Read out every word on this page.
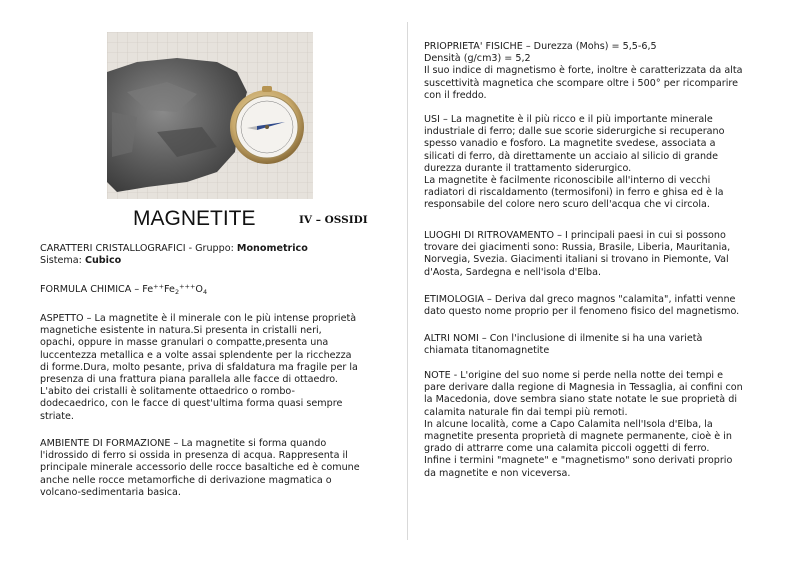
MAGNETITE	IV – OSSIDI

CARATTERI CRISTALLOGRAFICI - Gruppo: Monometrico

Sistema: Cubico

FORMULA CHIMICA – $Fe^{++}Fe_2^{+++}O_4$

ASPETTO – La magnetite è il minerale con le più intense proprietà

magnetiche esistente in natura.Si presenta in cristalli neri,

opachi, oppure in masse granulari o compatte,presenta una

luccentezza metallica e a volte assai splendente per la ricchezza

di forme.Dura, molto pesante, priva di sfaldatura ma fragile per la

presenza di una frattura piana parallela alle facce di ottaedro.

L'abito dei cristalli è solitamente ottaedrico o rombo-

dodecaedrico, con le facce di quest'ultima forma quasi sempre

striate.

AMBIENTE DI FORMAZIONE – La magnetite si forma quando

l'idrossido di ferro si ossida in presenza di acqua. Rappresenta il

principale minerale accessorio delle rocce basaltiche ed è comune

anche nelle rocce metamorfiche di derivazione magmatica o

volcano-sedimentaria basica.

PRIOPRIETA' FISICHE – Durezza (Mohs) = 5,5-6,5

Densità (g/cm3) = 5,2

Il suo indice di magnetismo è forte, inoltre è caratterizzata da alta

suscettività magnetica che scompare oltre i 500° per ricomparire

con il freddo.

USI – La magnetite è il più ricco e il più importante minerale

industriale di ferro; dalle sue scorie siderurgiche si recuperano

spesso vanadio e fosforo. La magnetite svedese, associata a

silicati di ferro, dà direttamente un acciaio al silicio di grande

durezza durante il trattamento siderurgico.

La magnetite è facilmente riconoscibile all'interno di vecchi

radiatori di riscaldamento (termosifoni) in ferro e ghisa ed è la

responsabile del colore nero scuro dell'acqua che vi circola.

LUOGHI DI RITROVAMENTO – I principali paesi in cui si possono

trovare dei giacimenti sono: Russia, Brasile, Liberia, Mauritania,

Norvegia, Svezia. Giacimenti italiani si trovano in Piemonte, Val

d'Aosta, Sardegna e nell'isola d'Elba.

ETIMOLOGIA – Deriva dal greco magnos "calamita", infatti venne

dato questo nome proprio per il fenomeno fisico del magnetismo.

ALTRI NOMI – Con l'inclusione di ilmenite si ha una varietà

chiamata titanomagnetite

NOTE - L'origine del suo nome si perde nella notte dei tempi e

pare derivare dalla regione di Magnesia in Tessaglia, ai confini con

la Macedonia, dove sembra siano state notate le sue proprietà di

calamita naturale fin dai tempi più remoti.

In alcune località, come a Capo Calamita nell'Isola d'Elba, la

magnetite presenta proprietà di magnete permanente, cioè è in

grado di attrarre come una calamita piccoli oggetti di ferro.

Infine i termini "magnete" e "magnetismo" sono derivati proprio

da magnetite e non viceversa.
